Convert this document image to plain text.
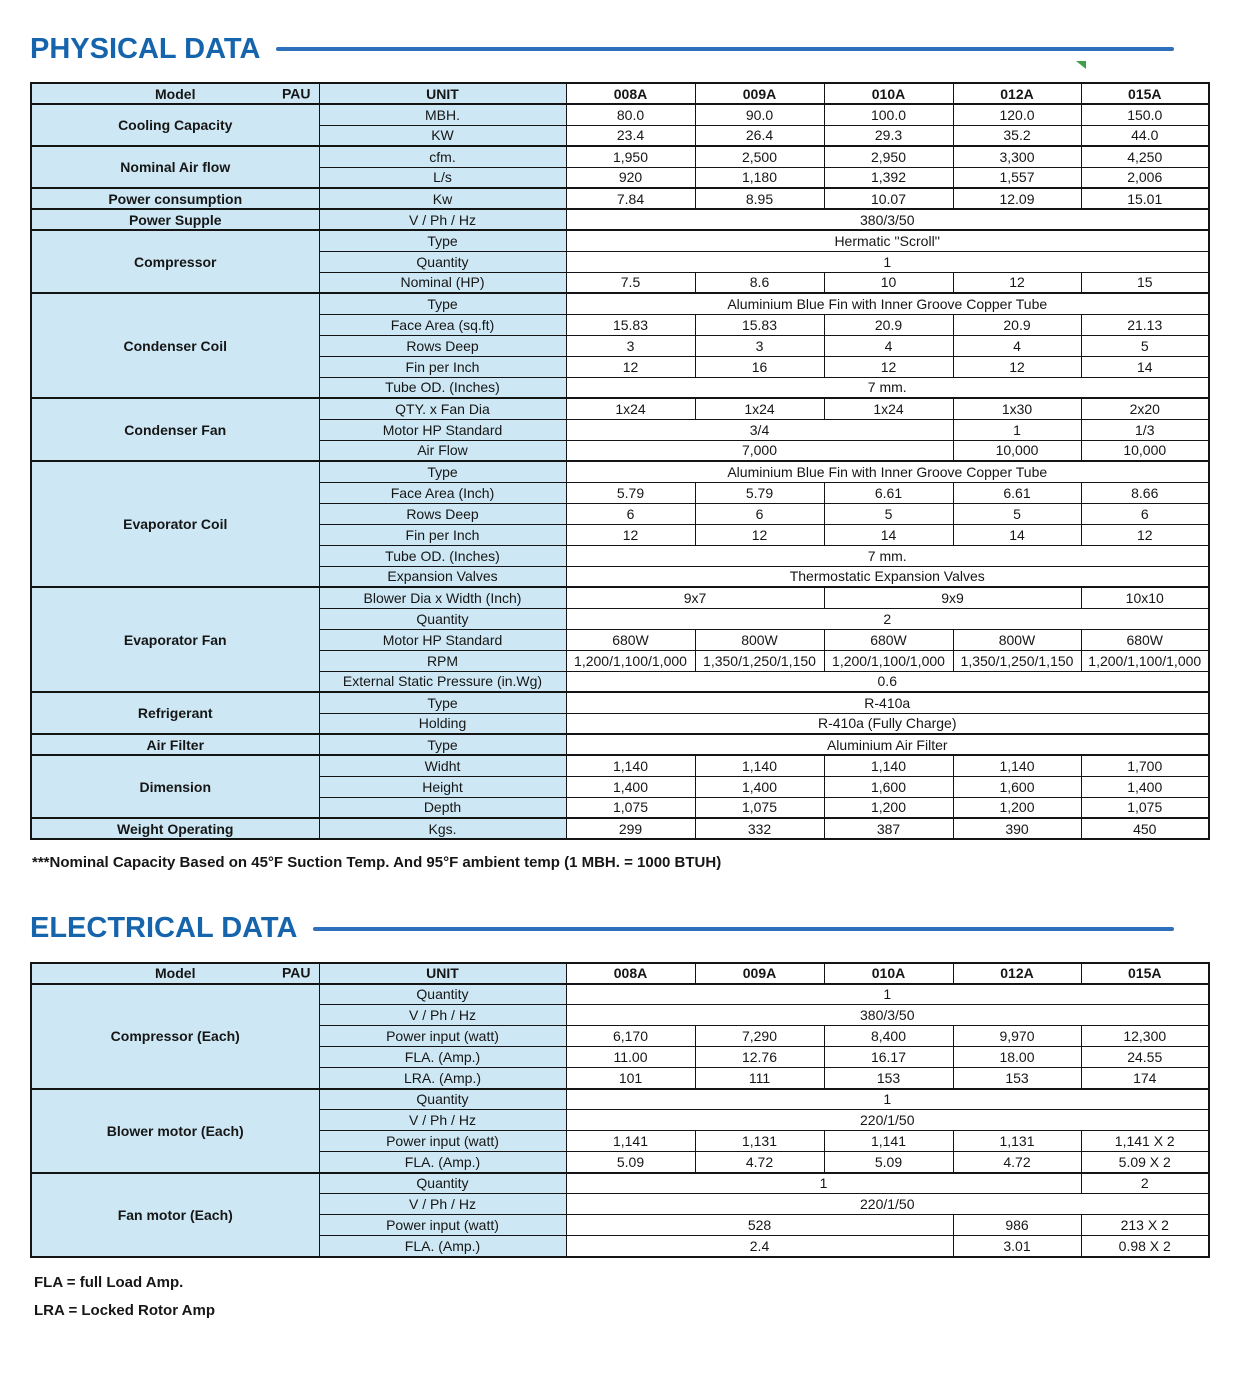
PHYSICAL DATA
Model PAU	UNIT	008A	009A	010A	012A	015A
Cooling Capacity	MBH.	80.0	90.0	100.0	120.0	150.0
	KW	23.4	26.4	29.3	35.2	44.0
Nominal Air flow	cfm.	1,950	2,500	2,950	3,300	4,250
	L/s	920	1,180	1,392	1,557	2,006
Power consumption	Kw	7.84	8.95	10.07	12.09	15.01
Power Supple	V / Ph / Hz	380/3/50				
Compressor	Type	Hermatic ''Scroll''				
	Quantity	1				
	Nominal (HP)	7.5	8.6	10	12	15
Condenser Coil	Type	Aluminium Blue Fin with Inner Groove Copper Tube				
	Face Area (sq.ft)	15.83	15.83	20.9	20.9	21.13
	Rows Deep	3	3	4	4	5
	Fin per Inch	12	16	12	12	14
	Tube OD. (Inches)	7 mm.				
Condenser Fan	QTY. x Fan Dia	1x24	1x24	1x24	1x30	2x20
	Motor HP Standard	3/4			1	1/3
	Air Flow	7,000			10,000	10,000
Evaporator Coil	Type	Aluminium Blue Fin with Inner Groove Copper Tube				
	Face Area (Inch)	5.79	5.79	6.61	6.61	8.66
	Rows Deep	6	6	5	5	6
	Fin per Inch	12	12	14	14	12
	Tube OD. (Inches)	7 mm.				
	Expansion Valves	Thermostatic Expansion Valves				
Evaporator Fan	Blower Dia x Width (Inch)	9x7		9x9		10x10
	Quantity	2				
	Motor HP Standard	680W	800W	680W	800W	680W
	RPM	1,200/1,100/1,000	1,350/1,250/1,150	1,200/1,100/1,000	1,350/1,250/1,150	1,200/1,100/1,000
	External Static Pressure (in.Wg)	0.6				
Refrigerant	Type	R-410a				
	Holding	R-410a (Fully Charge)				
Air Filter	Type	Aluminium Air Filter				
Dimension	Widht	1,140	1,140	1,140	1,140	1,700
	Height	1,400	1,400	1,600	1,600	1,400
	Depth	1,075	1,075	1,200	1,200	1,075
Weight Operating	Kgs.	299	332	387	390	450
***Nominal Capacity Based on 45°F Suction Temp. And 95°F ambient temp (1 MBH. = 1000 BTUH)
ELECTRICAL DATA
Model PAU	UNIT	008A	009A	010A	012A	015A
Compressor (Each)	Quantity	1				
	V / Ph / Hz	380/3/50				
	Power input (watt)	6,170	7,290	8,400	9,970	12,300
	FLA. (Amp.)	11.00	12.76	16.17	18.00	24.55
	LRA. (Amp.)	101	111	153	153	174
Blower motor (Each)	Quantity	1				
	V / Ph / Hz	220/1/50				
	Power input (watt)	1,141	1,131	1,141	1,131	1,141 X 2
	FLA. (Amp.)	5.09	4.72	5.09	4.72	5.09 X 2
Fan motor (Each)	Quantity	1				2
	V / Ph / Hz	220/1/50				
	Power input (watt)	528			986	213 X 2
	FLA. (Amp.)	2.4			3.01	0.98 X 2

FLA = full Load Amp.

LRA = Locked Rotor Amp
